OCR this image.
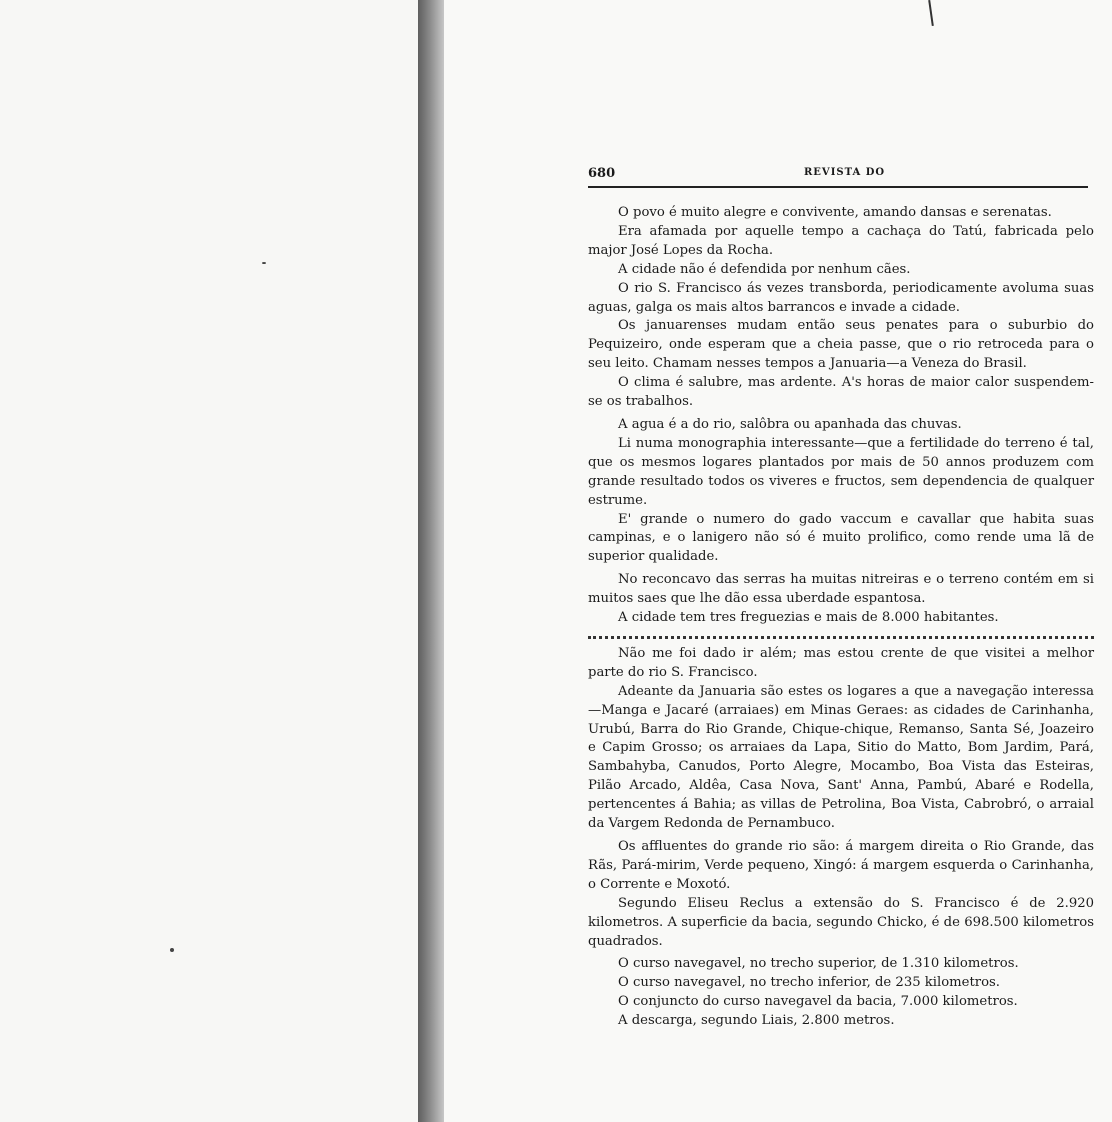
680	REVISTA DO

O povo é muito alegre e convivente, amando dansas e serenatas.

Era afamada por aquelle tempo a cachaça do Tatú, fabricada pelo major José Lopes da Rocha.

A cidade não é defendida por nenhum cães.

O rio S. Francisco ás vezes transborda, periodicamente avoluma suas aguas, galga os mais altos barrancos e invade a cidade.

Os januarenses mudam então seus penates para o suburbio do Pequizeiro, onde esperam que a cheia passe, que o rio retroceda para o seu leito. Chamam nesses tempos a Januaria—a Veneza do Brasil.

O clima é salubre, mas ardente. A's horas de maior calor suspendem-se os trabalhos.

A agua é a do rio, salôbra ou apanhada das chuvas.

Li numa monographia interessante—que a fertilidade do terreno é tal, que os mesmos logares plantados por mais de 50 annos produzem com grande resultado todos os viveres e fructos, sem dependencia de qualquer estrume.

E' grande o numero do gado vaccum e cavallar que habita suas campinas, e o lanigero não só é muito prolifico, como rende uma lã de superior qualidade.

No reconcavo das serras ha muitas nitreiras e o terreno contém em si muitos saes que lhe dão essa uberdade espantosa.

A cidade tem tres freguezias e mais de 8.000 habitantes.

Não me foi dado ir além; mas estou crente de que visitei a melhor parte do rio S. Francisco.

Adeante da Januaria são estes os logares a que a navegação interessa—Manga e Jacaré (arraiaes) em Minas Geraes: as cidades de Carinhanha, Urubú, Barra do Rio Grande, Chique-chique, Remanso, Santa Sé, Joazeiro e Capim Grosso; os arraiaes da Lapa, Sitio do Matto, Bom Jardim, Pará, Sambahyba, Canudos, Porto Alegre, Mocambo, Boa Vista das Esteiras, Pilão Arcado, Aldêa, Casa Nova, Sant' Anna, Pambú, Abaré e Rodella, pertencentes á Bahia; as villas de Petrolina, Boa Vista, Cabrobró, o arraial da Vargem Redonda de Pernambuco.

Os affluentes do grande rio são: á margem direita o Rio Grande, das Rãs, Pará-mirim, Verde pequeno, Xingó: á margem esquerda o Carinhanha, o Corrente e Moxotó.

Segundo Eliseu Reclus a extensão do S. Francisco é de 2.920 kilometros. A superficie da bacia, segundo Chicko, é de 698.500 kilometros quadrados.

O curso navegavel, no trecho superior, de 1.310 kilometros.

O curso navegavel, no trecho inferior, de 235 kilometros.

O conjuncto do curso navegavel da bacia, 7.000 kilometros.

A descarga, segundo Liais, 2.800 metros.
